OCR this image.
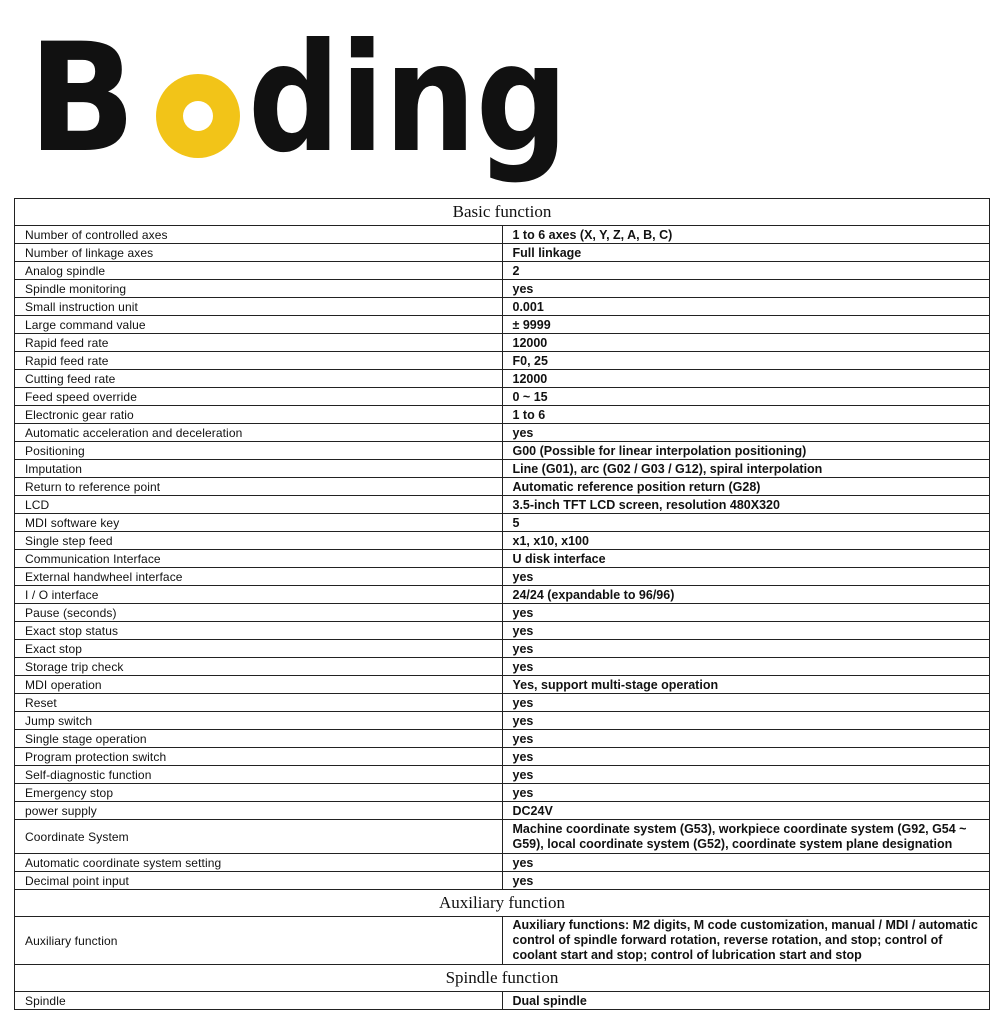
B ding
Basic function	
Number of controlled axes	1 to 6 axes (X, Y, Z, A, B, C)
Number of linkage axes	Full linkage
Analog spindle	2
Spindle monitoring	yes
Small instruction unit	0.001
Large command value	± 9999
Rapid feed rate	12000
Rapid feed rate	F0, 25
Cutting feed rate	12000
Feed speed override	0 ~ 15
Electronic gear ratio	1 to 6
Automatic acceleration and deceleration	yes
Positioning	G00 (Possible for linear interpolation positioning)
Imputation	Line (G01), arc (G02 / G03 / G12), spiral interpolation
Return to reference point	Automatic reference position return (G28)
LCD	3.5-inch TFT LCD screen, resolution 480X320
MDI software key	5
Single step feed	x1, x10, x100
Communication Interface	U disk interface
External handwheel interface	yes
I / O interface	24/24 (expandable to 96/96)
Pause (seconds)	yes
Exact stop status	yes
Exact stop	yes
Storage trip check	yes
MDI operation	Yes, support multi-stage operation
Reset	yes
Jump switch	yes
Single stage operation	yes
Program protection switch	yes
Self-diagnostic function	yes
Emergency stop	yes
power supply	DC24V
Coordinate System	Machine coordinate system (G53), workpiece coordinate system (G92, G54 ~ G59), local coordinate system (G52), coordinate system plane designation
Automatic coordinate system setting	yes
Decimal point input	yes
Auxiliary function	
Auxiliary function	Auxiliary functions: M2 digits, M code customization, manual / MDI / automatic control of spindle forward rotation, reverse rotation, and stop; control of coolant start and stop; control of lubrication start and stop
Spindle function	
Spindle	Dual spindle
